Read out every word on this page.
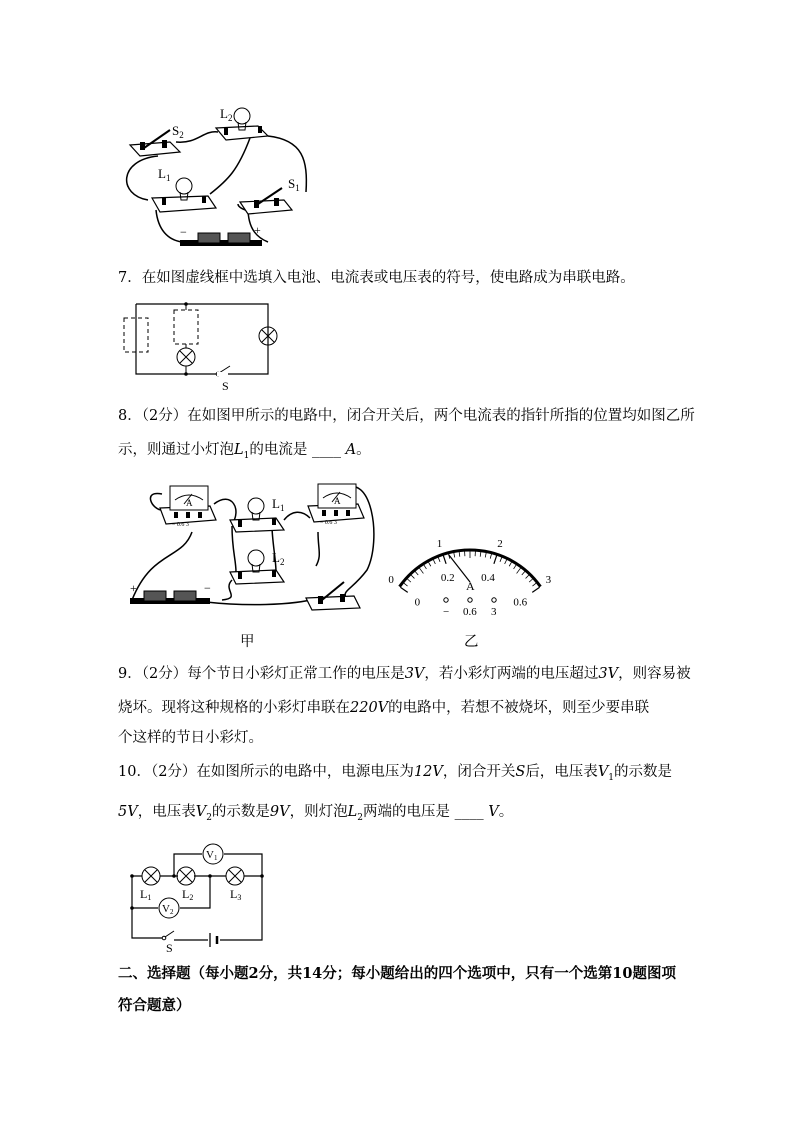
$S_2$
$L_2$
$L_1$	$S_1$
−	+
7．在如图虚线框中选填入电池、电流表或电压表的符号，使电路成为串联电路。
S
8．（2分）在如图甲所示的电路中，闭合开关后，两个电流表的指针所指的位置均如图乙所
示，则通过小灯泡$L_1$的电流是 ____ A。
A
− 0.6 3
$L_1$
A
− 0.6 3
$L_2$
+	−
甲
0
1	2
3
0
0.2 0.4
0.6
A
− 0.6 3
乙
9．（2分）每个节日小彩灯正常工作的电压是3V，若小彩灯两端的电压超过3V，则容易被
烧坏。现将这种规格的小彩灯串联在220V的电路中，若想不被烧坏，则至少要串联
个这样的节日小彩灯。
10．（2分）在如图所示的电路中，电源电压为12V，闭合开关S后，电压表$V_1$的示数是
5V，电压表$V_2$的示数是9V，则灯泡$L_2$两端的电压是 ____ V。
V1
V2
L1	L2	L3
S
二、选择题（每小题2分，共14分；每小题给出的四个选项中，只有一个选第10题图项
符合题意）
